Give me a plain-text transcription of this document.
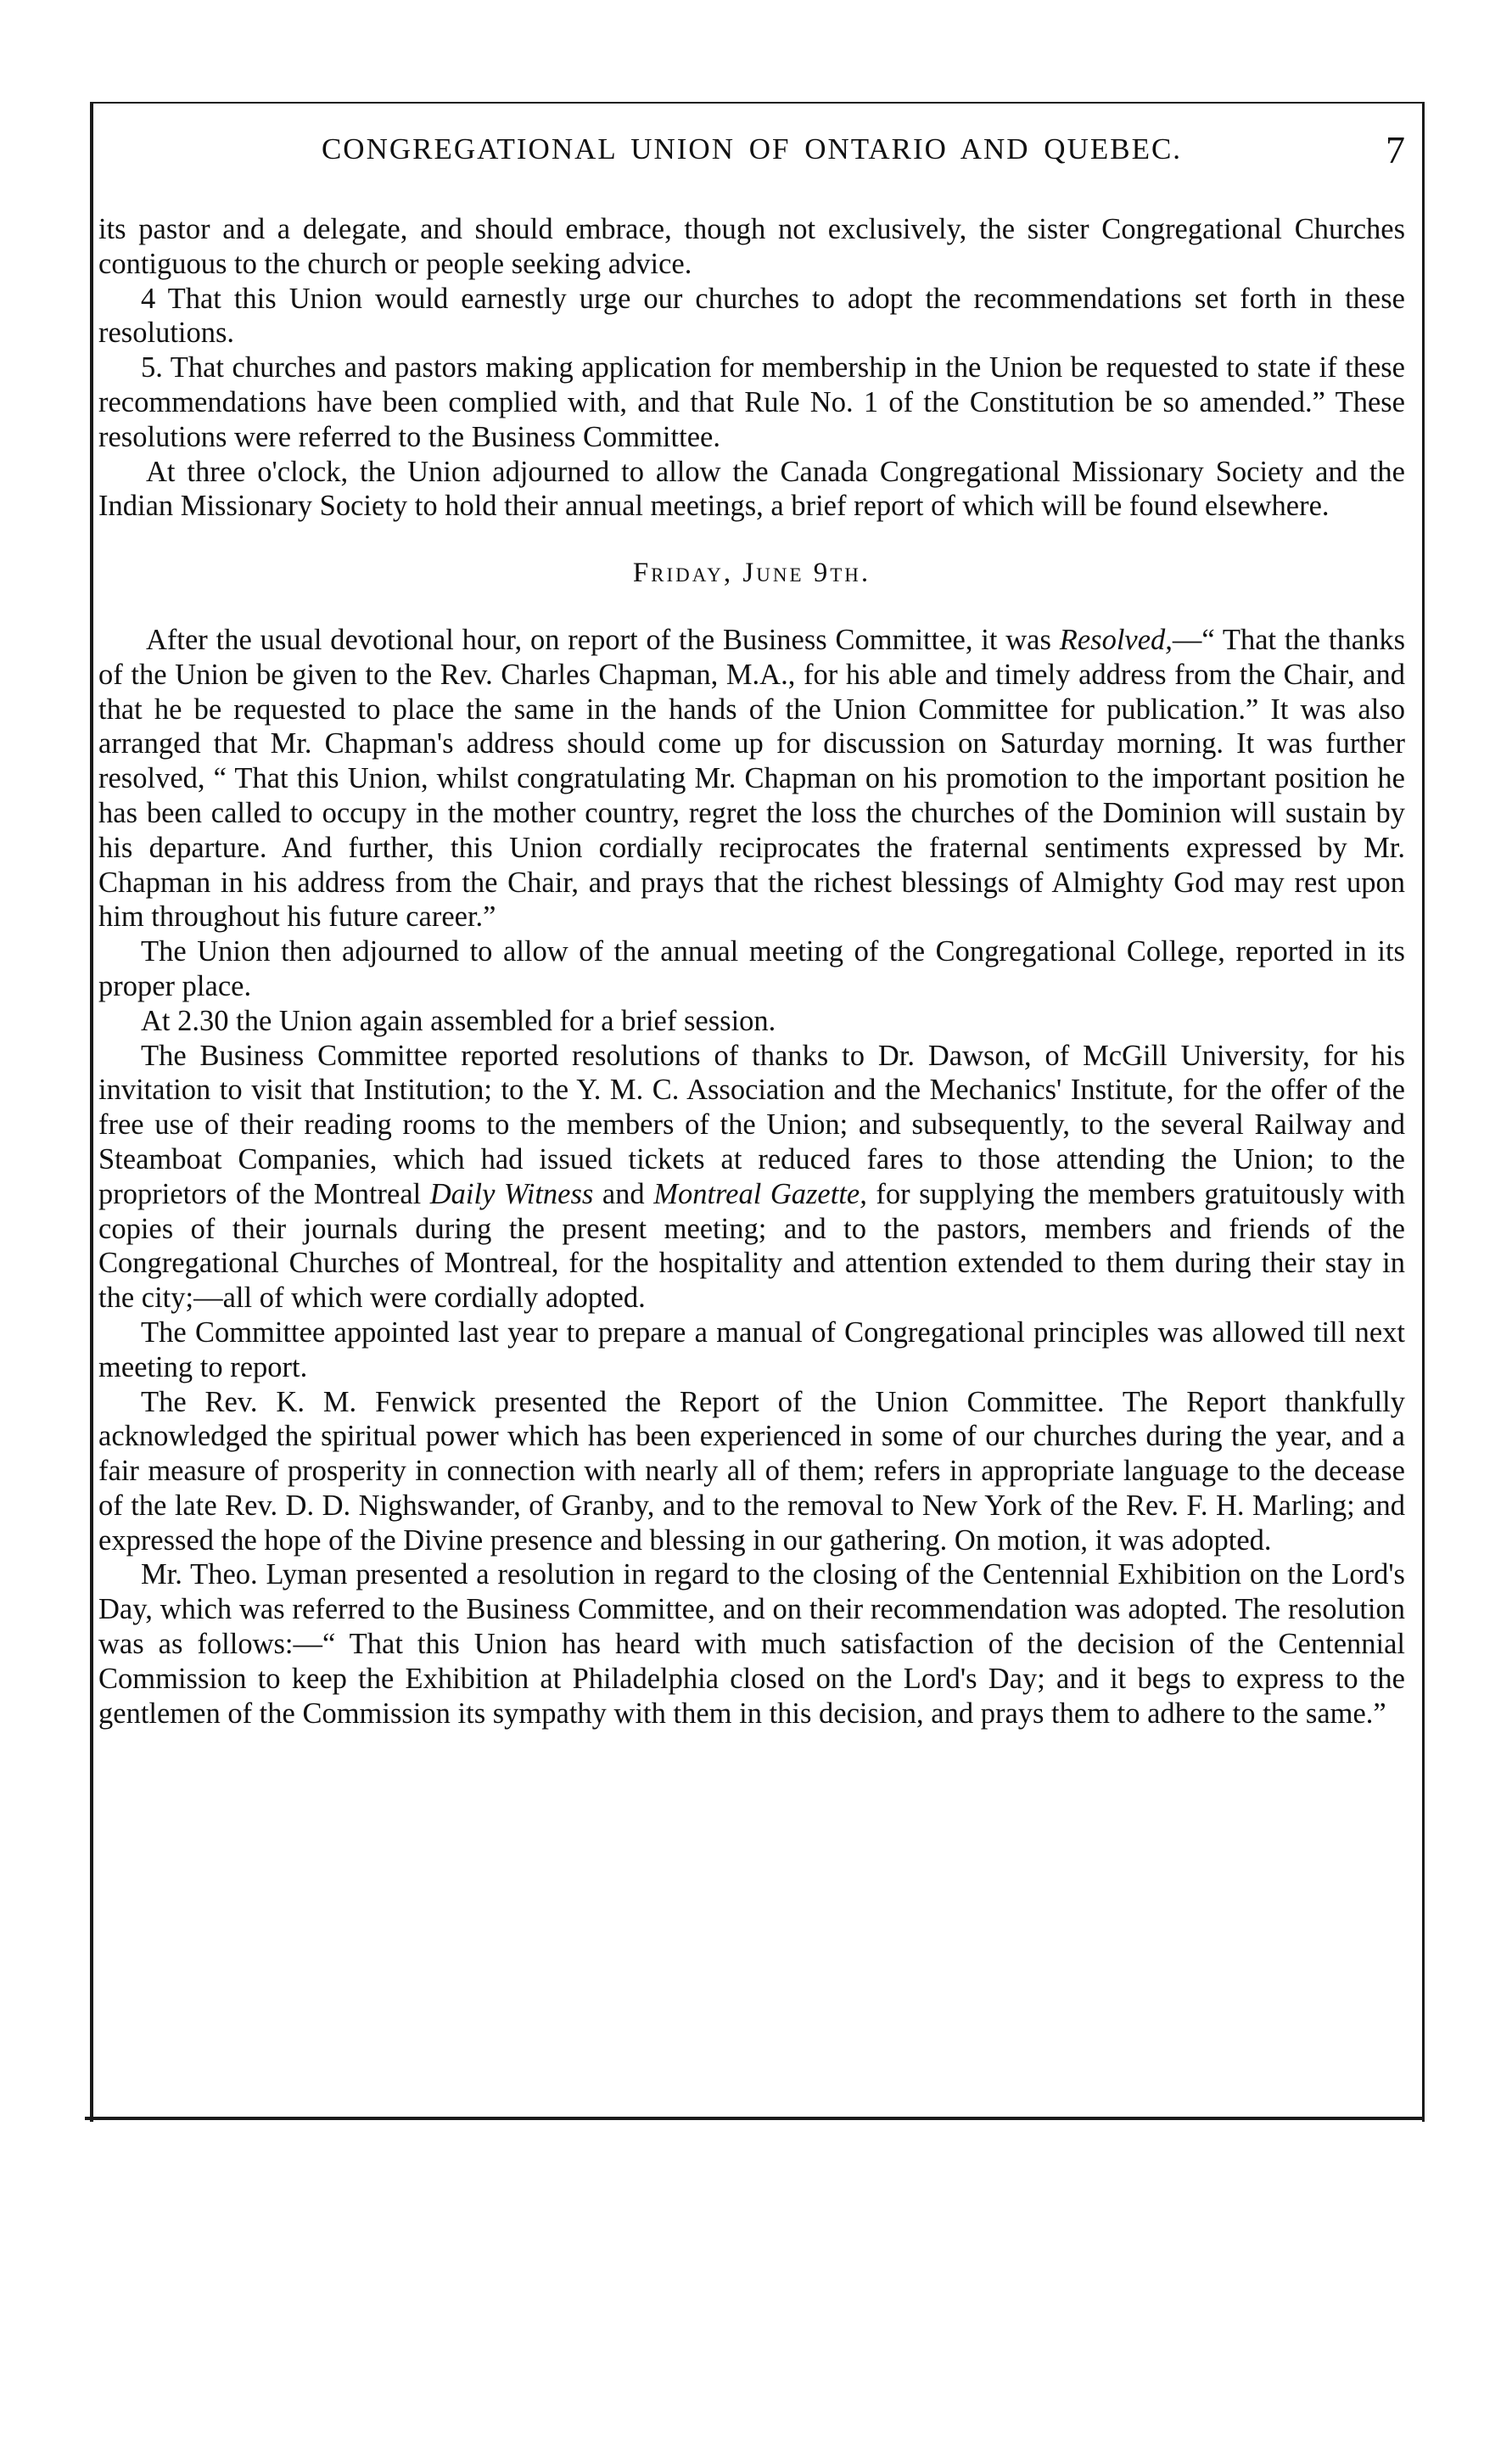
CONGREGATIONAL UNION OF ONTARIO AND QUEBEC.	7

its pastor and a delegate, and should embrace, though not exclusively, the sister Congregational Churches contiguous to the church or people seeking advice.

4 That this Union would earnestly urge our churches to adopt the recommendations set forth in these resolutions.

5. That churches and pastors making application for membership in the Union be requested to state if these recommendations have been complied with, and that Rule No. 1 of the Constitution be so amended.” These resolutions were referred to the Business Committee.

At three o'clock, the Union adjourned to allow the Canada Congregational Missionary Society and the Indian Missionary Society to hold their annual meetings, a brief report of which will be found elsewhere.

Friday, June 9th.

After the usual devotional hour, on report of the Business Committee, it was Resolved,—“ That the thanks of the Union be given to the Rev. Charles Chapman, M.A., for his able and timely address from the Chair, and that he be requested to place the same in the hands of the Union Committee for publication.” It was also arranged that Mr. Chapman's address should come up for discussion on Saturday morning. It was further resolved, “ That this Union, whilst congratulating Mr. Chapman on his promotion to the important position he has been called to occupy in the mother country, regret the loss the churches of the Dominion will sustain by his departure. And further, this Union cordially reciprocates the fraternal sentiments expressed by Mr. Chapman in his address from the Chair, and prays that the richest blessings of Almighty God may rest upon him throughout his future career.”

The Union then adjourned to allow of the annual meeting of the Congregational College, reported in its proper place.

At 2.30 the Union again assembled for a brief session.

The Business Committee reported resolutions of thanks to Dr. Dawson, of McGill University, for his invitation to visit that Institution; to the Y. M. C. Association and the Mechanics' Institute, for the offer of the free use of their reading rooms to the members of the Union; and subsequently, to the several Railway and Steamboat Companies, which had issued tickets at reduced fares to those attending the Union; to the proprietors of the Montreal Daily Witness and Montreal Gazette, for supplying the members gratuitously with copies of their journals during the present meeting; and to the pastors, members and friends of the Congregational Churches of Montreal, for the hospitality and attention extended to them during their stay in the city;—all of which were cordially adopted.

The Committee appointed last year to prepare a manual of Congregational principles was allowed till next meeting to report.

The Rev. K. M. Fenwick presented the Report of the Union Committee. The Report thankfully acknowledged the spiritual power which has been experienced in some of our churches during the year, and a fair measure of prosperity in connection with nearly all of them; refers in appropriate language to the decease of the late Rev. D. D. Nighswander, of Granby, and to the removal to New York of the Rev. F. H. Marling; and expressed the hope of the Divine presence and blessing in our gathering. On motion, it was adopted.

Mr. Theo. Lyman presented a resolution in regard to the closing of the Centennial Exhibition on the Lord's Day, which was referred to the Business Committee, and on their recommendation was adopted. The resolution was as follows:—“ That this Union has heard with much satisfaction of the decision of the Centennial Commission to keep the Exhibition at Philadelphia closed on the Lord's Day; and it begs to express to the gentlemen of the Commission its sympathy with them in this decision, and prays them to adhere to the same.”
